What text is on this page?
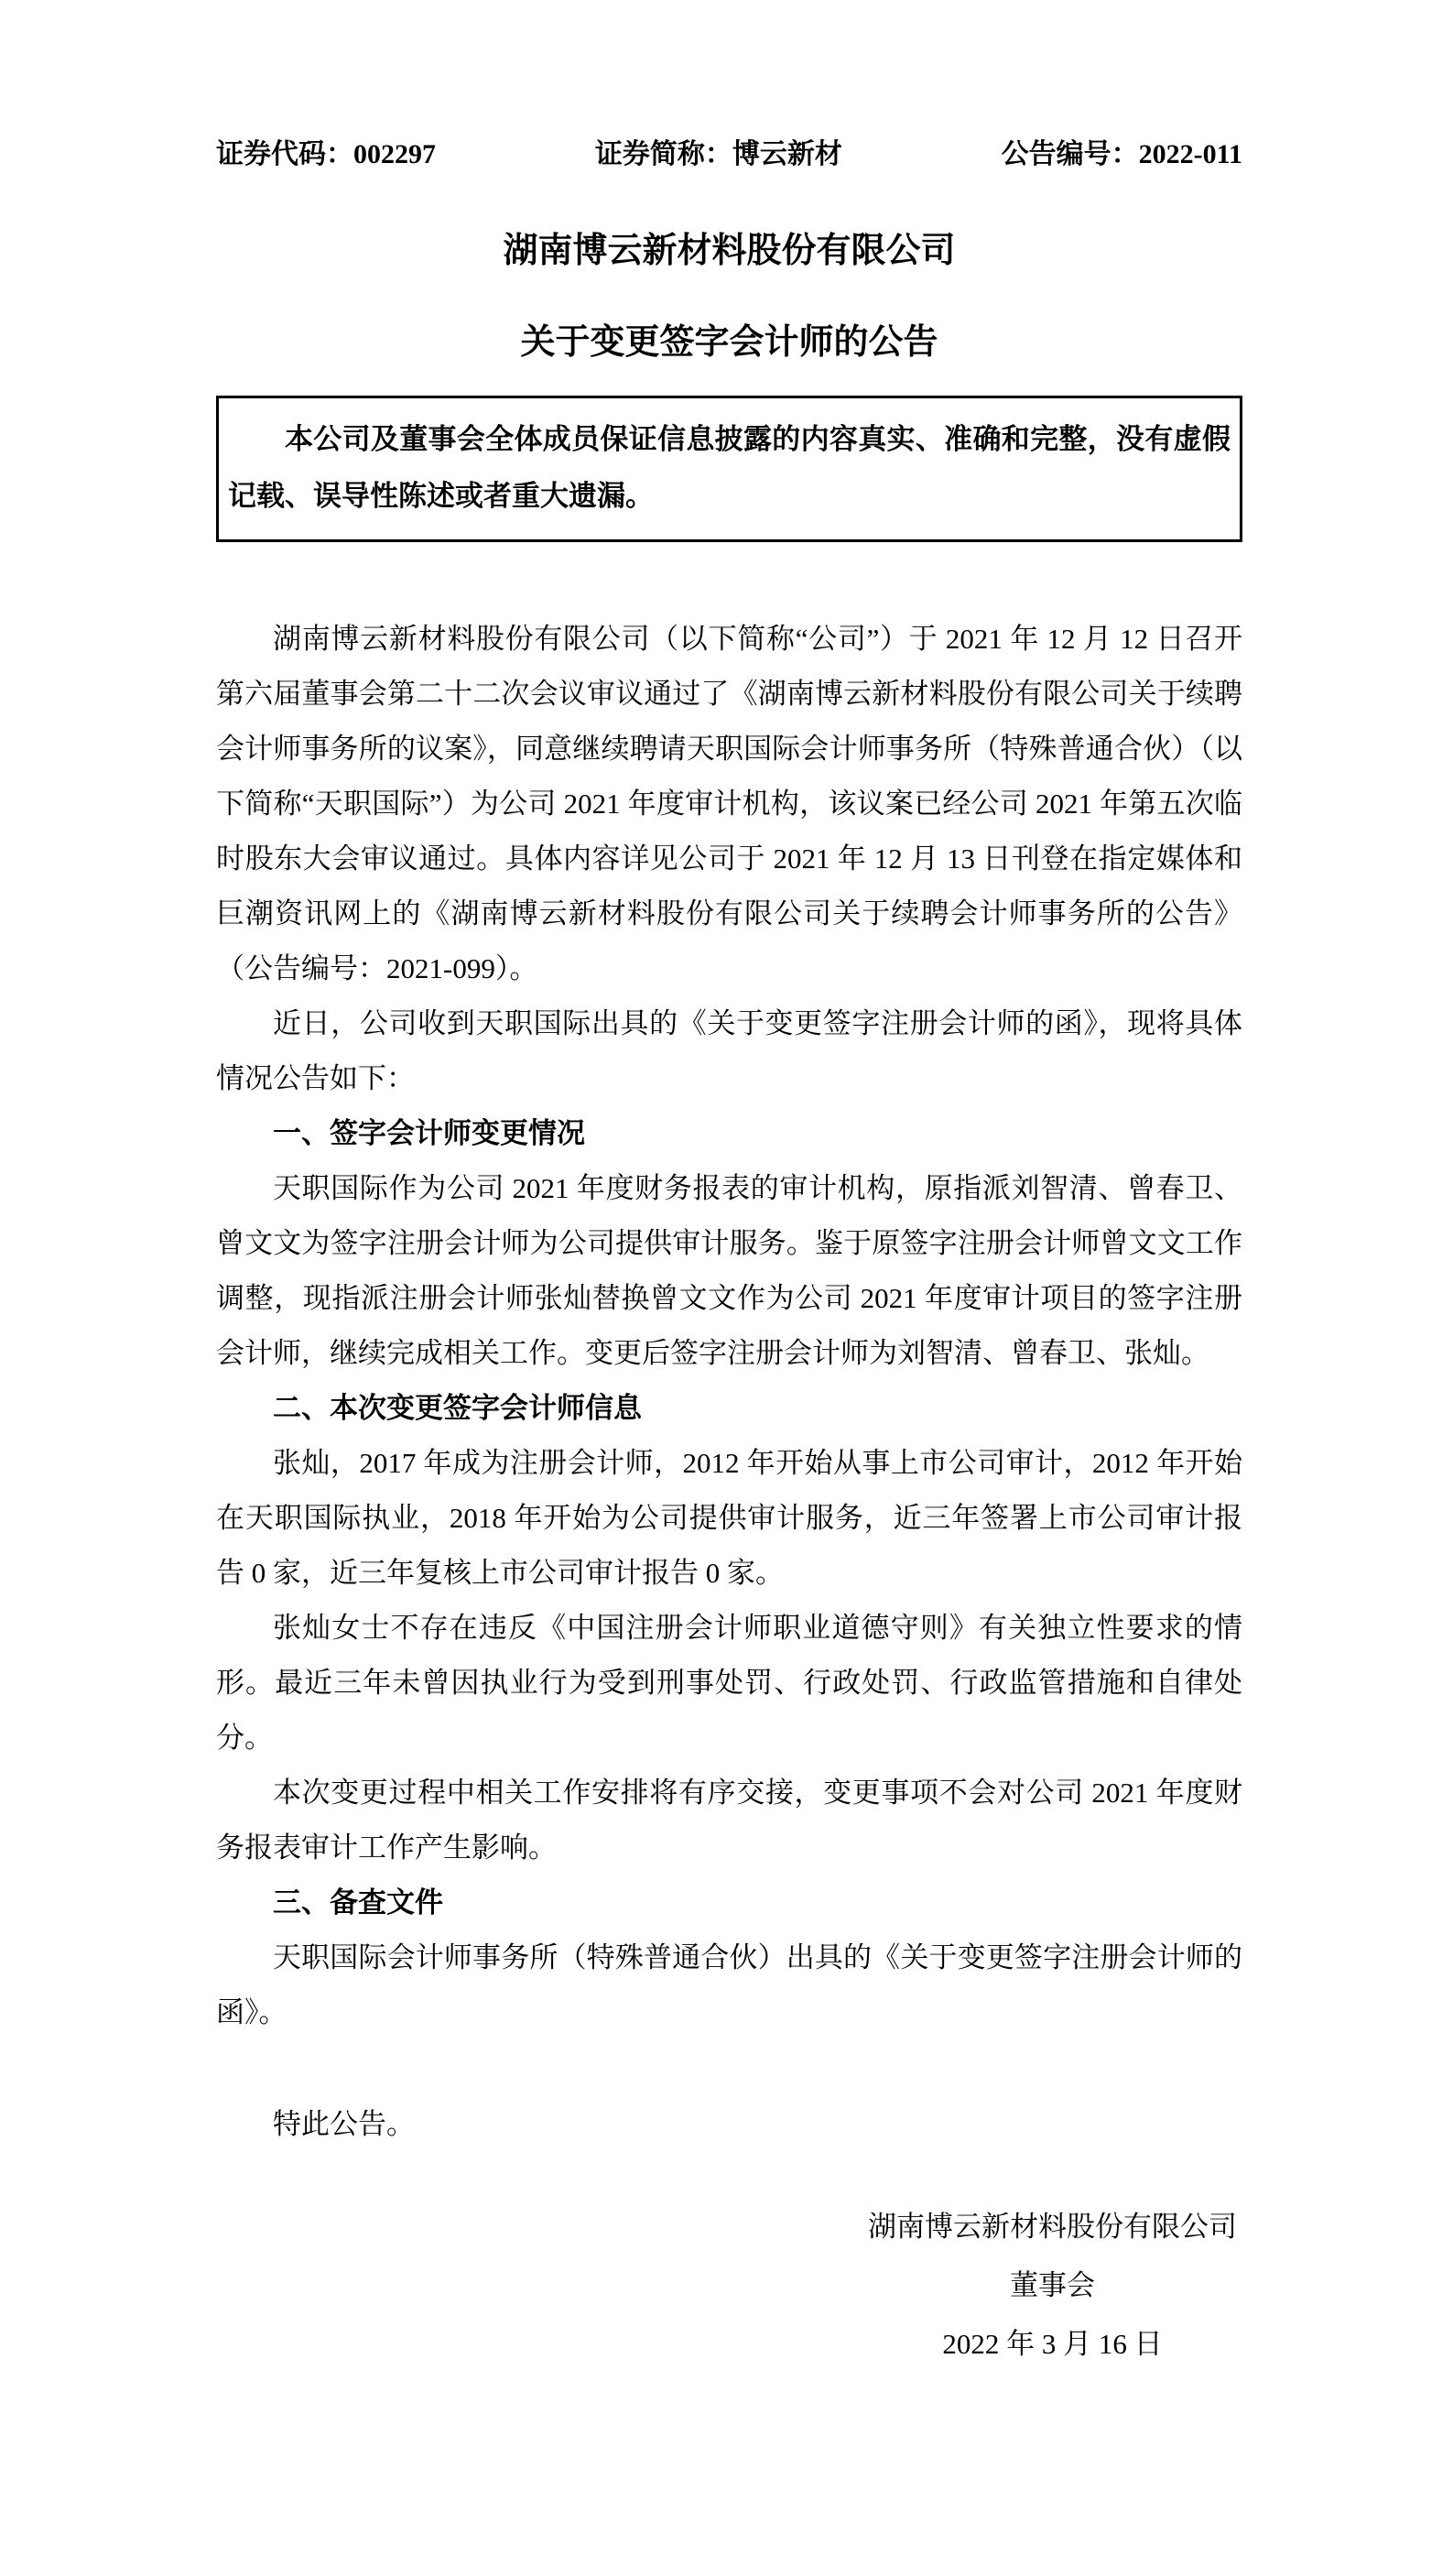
证券代码：002297	证券简称：博云新材	公告编号：2022-011
湖南博云新材料股份有限公司
关于变更签字会计师的公告

本公司及董事会全体成员保证信息披露的内容真实、准确和完整，没有虚假记载、误导性陈述或者重大遗漏。

湖南博云新材料股份有限公司（以下简称“公司”）于 2021 年 12 月 12 日召开第六届董事会第二十二次会议审议通过了《湖南博云新材料股份有限公司关于续聘会计师事务所的议案》，同意继续聘请天职国际会计师事务所（特殊普通合伙）（以下简称“天职国际”）为公司 2021 年度审计机构，该议案已经公司 2021 年第五次临时股东大会审议通过。具体内容详见公司于 2021 年 12 月 13 日刊登在指定媒体和巨潮资讯网上的《湖南博云新材料股份有限公司关于续聘会计师事务所的公告》（公告编号：2021-099）。

近日，公司收到天职国际出具的《关于变更签字注册会计师的函》，现将具体情况公告如下：

一、签字会计师变更情况

天职国际作为公司 2021 年度财务报表的审计机构，原指派刘智清、曾春卫、曾文文为签字注册会计师为公司提供审计服务。鉴于原签字注册会计师曾文文工作调整，现指派注册会计师张灿替换曾文文作为公司 2021 年度审计项目的签字注册会计师，继续完成相关工作。变更后签字注册会计师为刘智清、曾春卫、张灿。

二、本次变更签字会计师信息

张灿，2017 年成为注册会计师，2012 年开始从事上市公司审计，2012 年开始在天职国际执业，2018 年开始为公司提供审计服务，近三年签署上市公司审计报告 0 家，近三年复核上市公司审计报告 0 家。

张灿女士不存在违反《中国注册会计师职业道德守则》有关独立性要求的情形。最近三年未曾因执业行为受到刑事处罚、行政处罚、行政监管措施和自律处分。

本次变更过程中相关工作安排将有序交接，变更事项不会对公司 2021 年度财务报表审计工作产生影响。

三、备查文件

天职国际会计师事务所（特殊普通合伙）出具的《关于变更签字注册会计师的函》。

特此公告。

湖南博云新材料股份有限公司
董事会
2022 年 3 月 16 日
